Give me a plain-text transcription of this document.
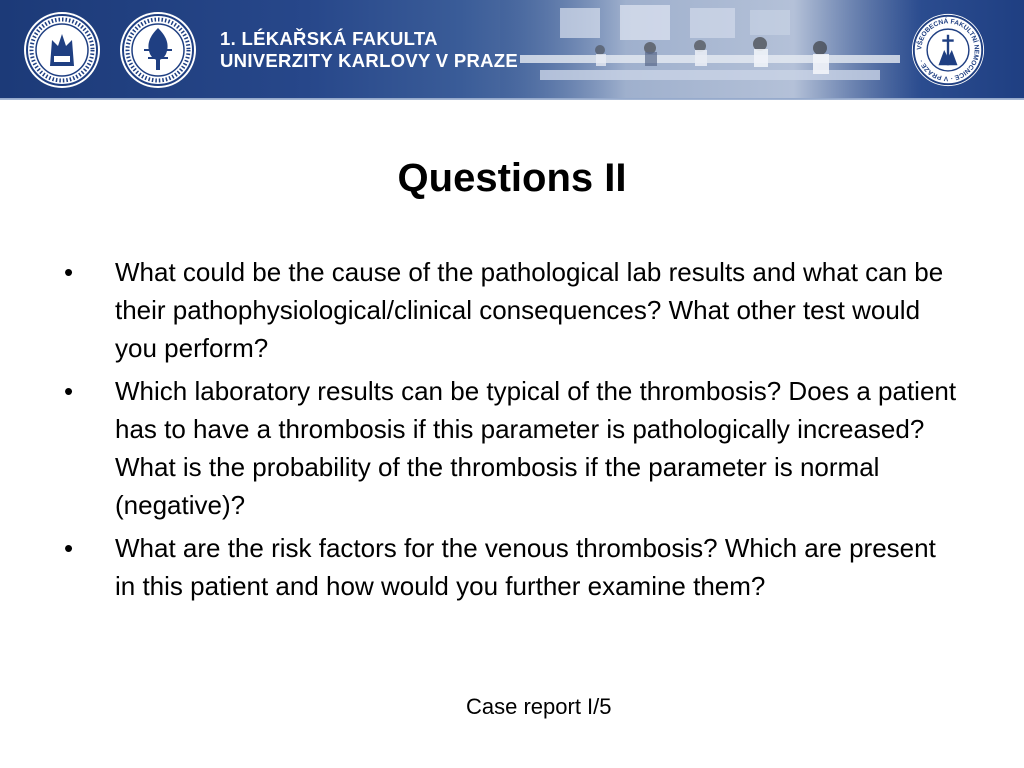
1. LÉKAŘSKÁ FAKULTA
UNIVERZITY KARLOVY V PRAZE
VŠEOBECNÁ FAKULTNÍ NEMOCNICE · V PRAZE ·
Questions II
• What could be the cause of the pathological lab results and what can be their pathophysiological/clinical consequences? What other test would you perform?
• Which laboratory results can be typical of the thrombosis? Does a patient has to have a thrombosis if this parameter is pathologically increased? What is the probability of the thrombosis if the parameter is normal (negative)?
• What are the risk factors for the venous thrombosis? Which are present in this patient and how would you further examine them?
Case report I/5
